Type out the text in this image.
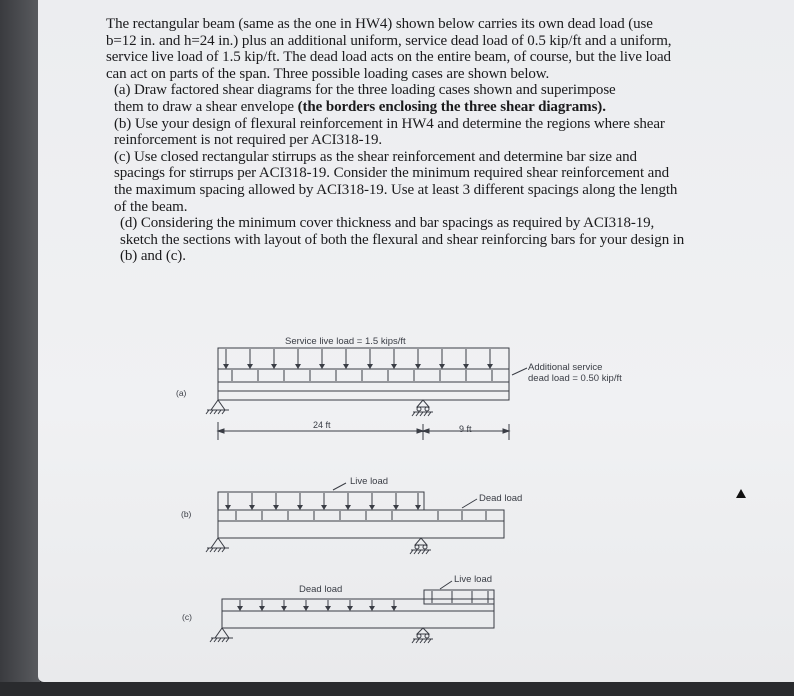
The rectangular beam (same as the one in HW4) shown below carries its own dead load (use

b=12 in. and h=24 in.) plus an additional uniform, service dead load of 0.5 kip/ft and a uniform,

service live load of 1.5 kip/ft. The dead load acts on the entire beam, of course, but the live load

can act on parts of the span. Three possible loading cases are shown below.

(a) Draw factored shear diagrams for the three loading cases shown and superimpose

them to draw a shear envelope (the borders enclosing the three shear diagrams).

(b) Use your design of flexural reinforcement in HW4 and determine the regions where shear

reinforcement is not required per ACI318-19.

(c) Use closed rectangular stirrups as the shear reinforcement and determine bar size and

spacings for stirrups per ACI318-19. Consider the minimum required shear reinforcement and

the maximum spacing allowed by ACI318-19. Use at least 3 different spacings along the length

of the beam.

(d) Considering the minimum cover thickness and bar spacings as required by ACI318-19,

sketch the sections with layout of both the flexural and shear reinforcing bars for your design in

(b) and (c).

Service live load = 1.5 kips/ft
Additional service
dead load = 0.50 kip/ft
(a)
24 ft	9 ft
Live load
Dead load
(b)
Live load
Dead load
(c)
